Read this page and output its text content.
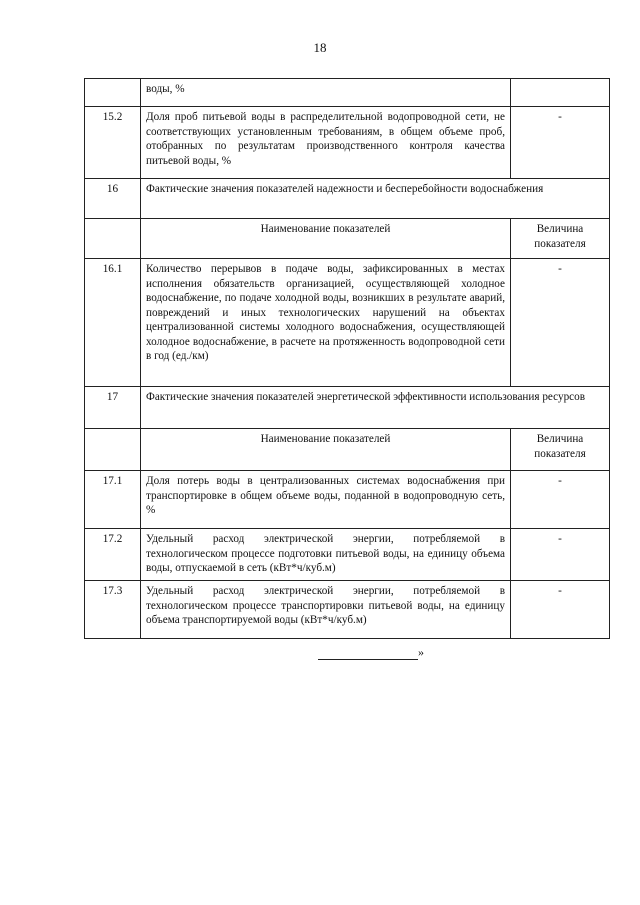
18
	воды, %	
15.2	Доля проб питьевой воды в распределительной водопроводной сети, не соответствующих установленным требованиям, в общем объеме проб, отобранных по результатам производственного контроля качества питьевой воды, %	-
16	Фактические значения показателей надежности и бесперебойности водоснабжения	
	Наименование показателей	Величина показателя
16.1	Количество перерывов в подаче воды, зафиксированных в местах исполнения обязательств организацией, осуществляющей холодное водоснабжение, по подаче холодной воды, возникших в результате аварий, повреждений и иных технологических нарушений на объектах централизованной системы холодного водоснабжения, осуществляющей холодное водоснабжение, в расчете на протяженность водопроводной сети в год (ед./км)	-
17	Фактические значения показателей энергетической эффективности использования ресурсов	
	Наименование показателей	Величина показателя
17.1	Доля потерь воды в централизованных системах водоснабжения при транспортировке в общем объеме воды, поданной в водопроводную сеть, %	-
17.2	Удельный расход электрической энергии, потребляемой в технологическом процессе подготовки питьевой воды, на единицу объема воды, отпускаемой в сеть (кВт*ч/куб.м)	-
17.3	Удельный расход электрической энергии, потребляемой в технологическом процессе транспортировки питьевой воды, на единицу объема транспортируемой воды (кВт*ч/куб.м)	-
»
